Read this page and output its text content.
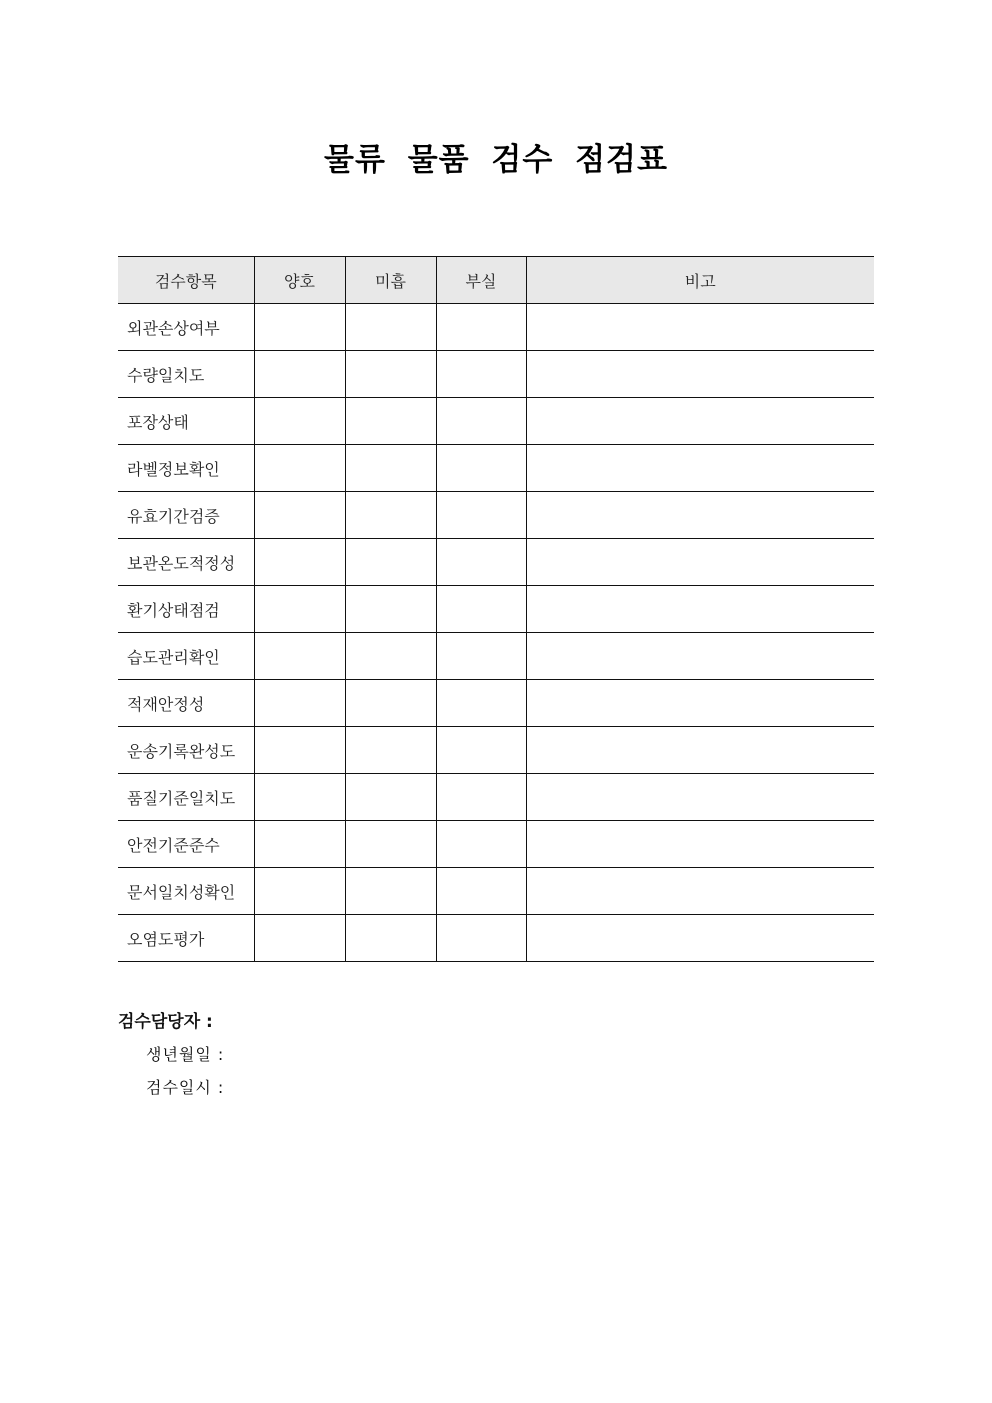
물류 물품 검수 점검표
검수항목	양호	미흡	부실	비고
외관손상여부				
수량일치도				
포장상태				
라벨정보확인				
유효기간검증				
보관온도적정성				
환기상태점검				
습도관리확인				
적재안정성				
운송기록완성도				
품질기준일치도				
안전기준준수				
문서일치성확인				
오염도평가				
검수담당자 :
생년월일 :
검수일시 :
